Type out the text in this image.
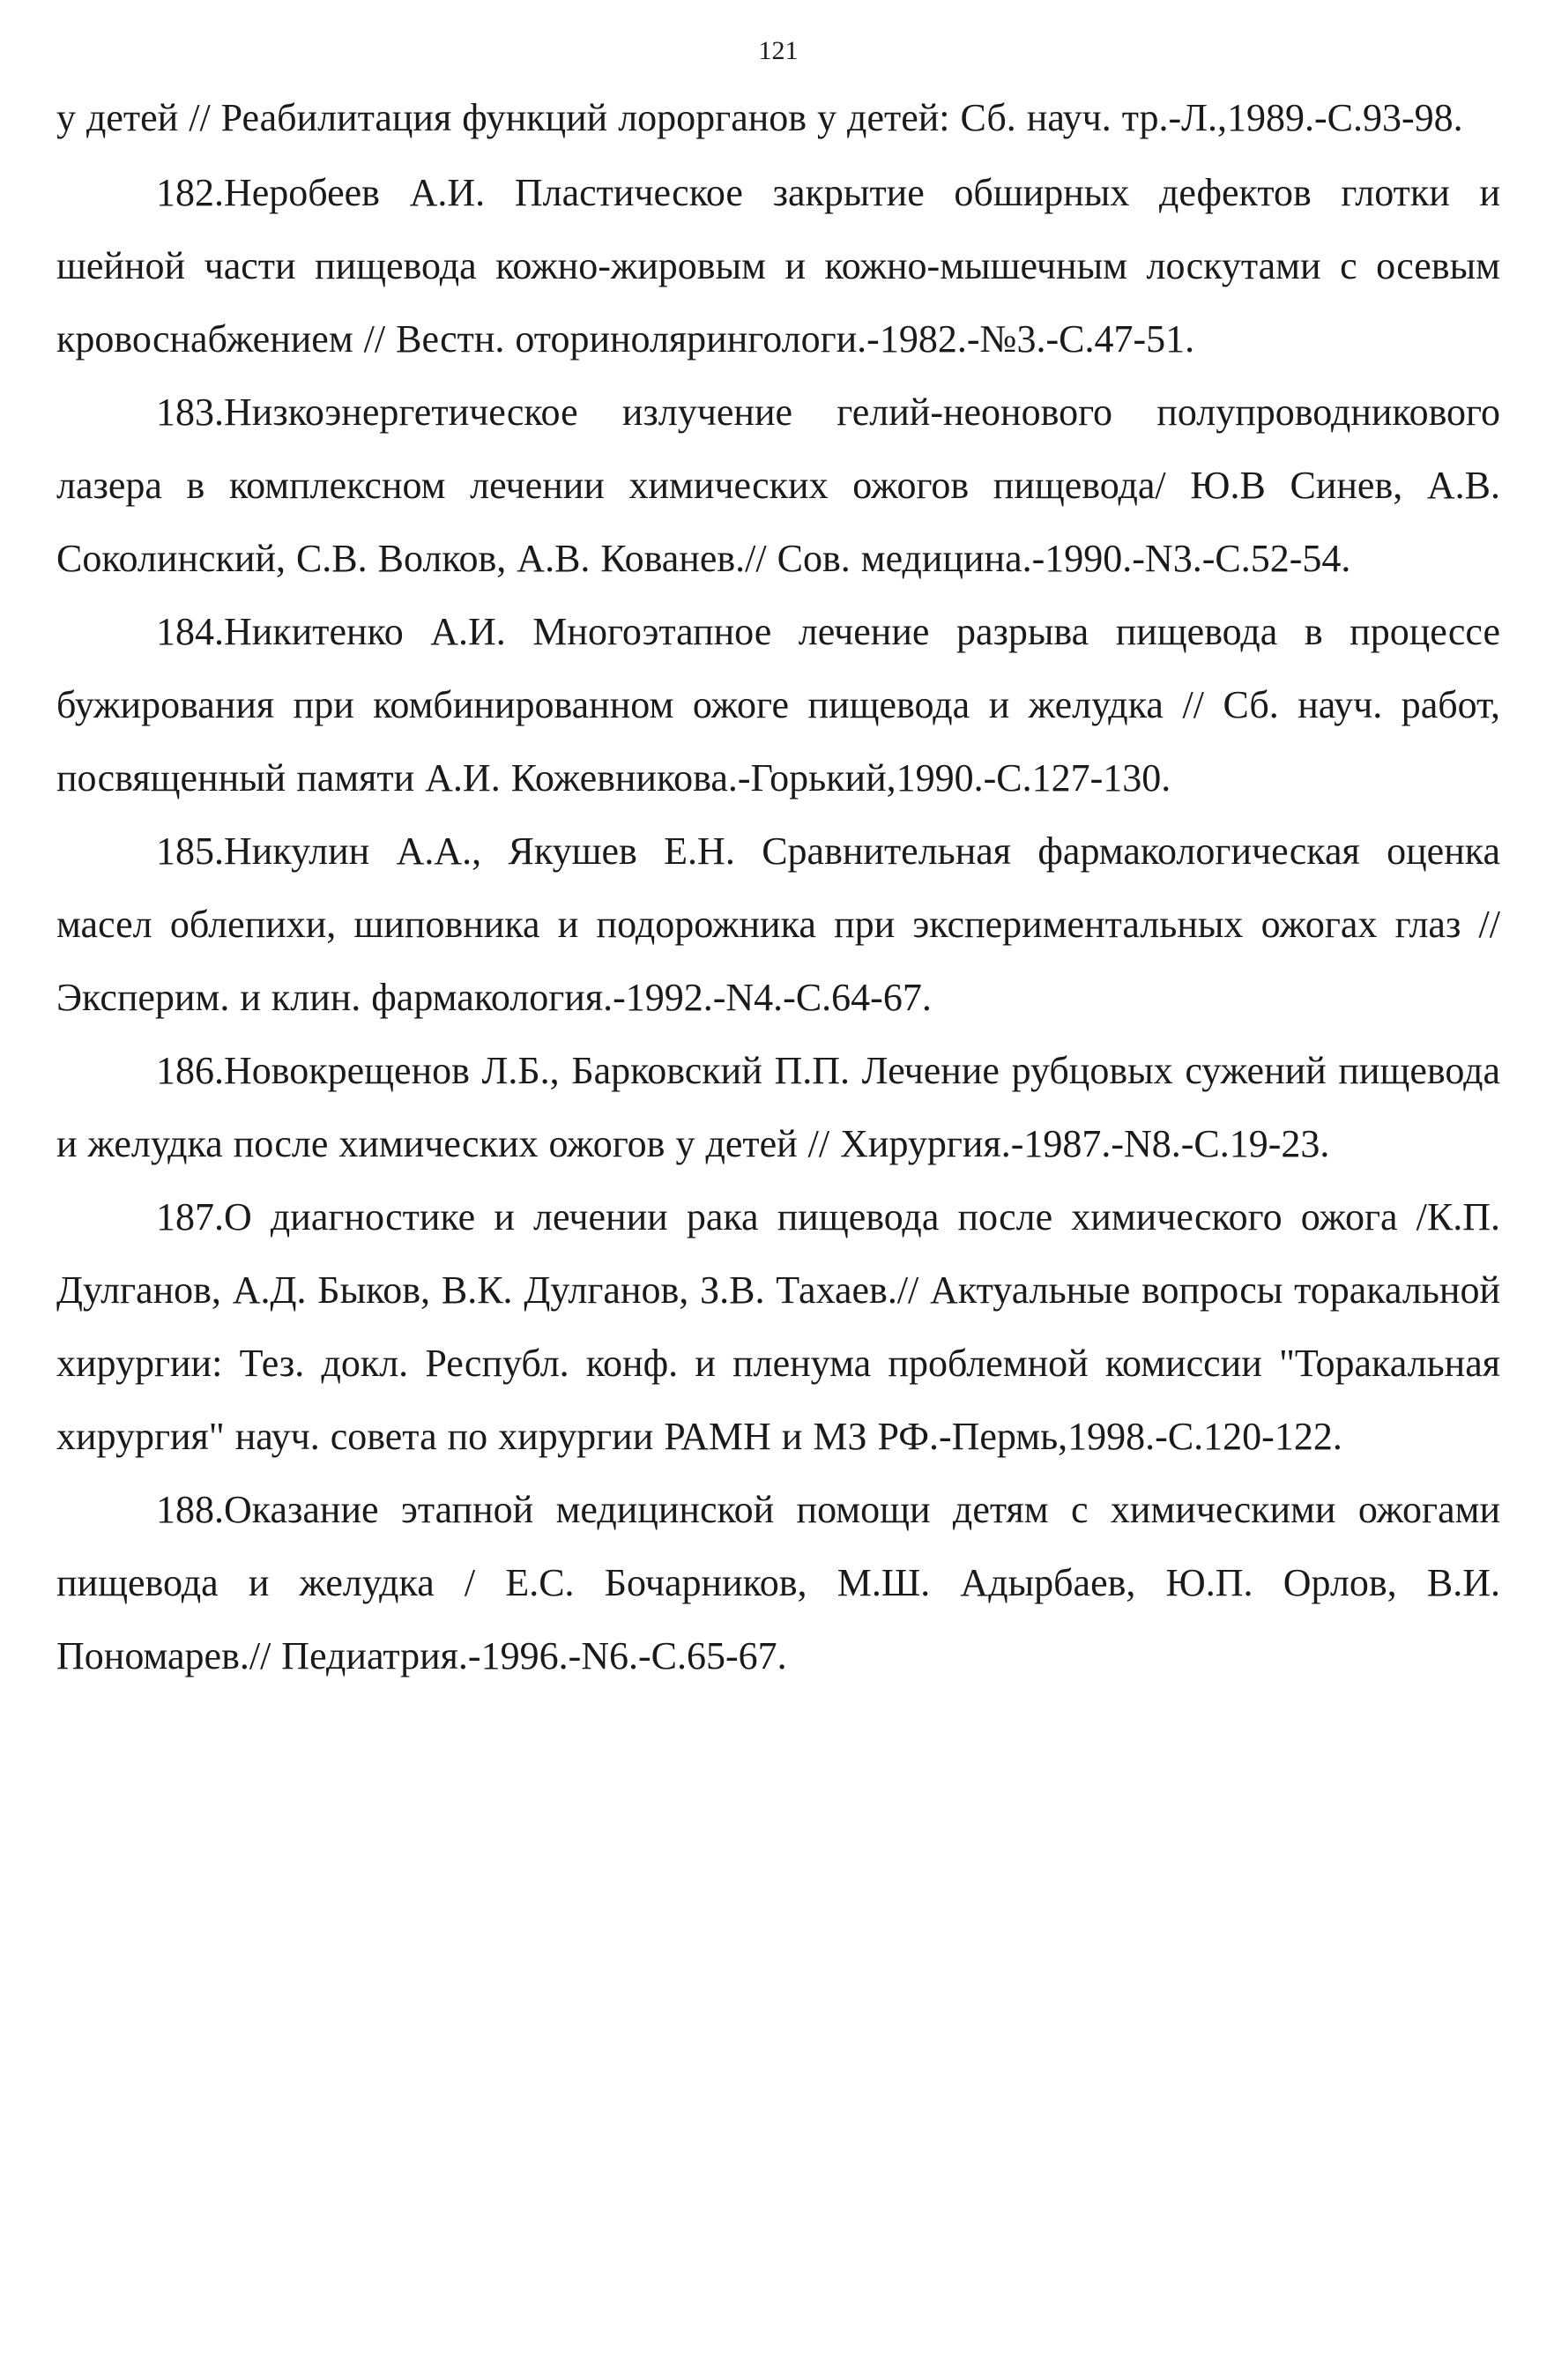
121

у детей // Реабилитация функций лорорганов у детей: Сб. науч. тр.-Л.,1989.-С.93-98.

182.Неробеев А.И. Пластическое закрытие обширных дефектов глотки и шейной части пищевода кожно-жировым и кожно-мышечным лоскутами с осевым кровоснабжением // Вестн. оторинолярингологи.-1982.-№3.-С.47-51.

183.Низкоэнергетическое излучение гелий-неонового полупроводникового лазера в комплексном лечении химических ожогов пищевода/ Ю.В Синев, А.В. Соколинский, С.В. Волков, А.В. Кованев.// Сов. медицина.-1990.-N3.-С.52-54.

184.Никитенко А.И. Многоэтапное лечение разрыва пищевода в процессе бужирования при комбинированном ожоге пищевода и желудка // Сб. науч. работ, посвященный памяти А.И. Кожевникова.-Горький,1990.-С.127-130.

185.Никулин А.А., Якушев Е.Н. Сравнительная фармакологическая оценка масел облепихи, шиповника и подорожника при экспериментальных ожогах глаз // Эксперим. и клин. фармакология.-1992.-N4.-С.64-67.

186.Новокрещенов Л.Б., Барковский П.П. Лечение рубцовых сужений пищевода и желудка после химических ожогов у детей // Хирургия.-1987.-N8.-С.19-23.

187.О диагностике и лечении рака пищевода после химического ожога /К.П. Дулганов, А.Д. Быков, В.К. Дулганов, З.В. Тахаев.// Актуальные вопросы торакальной хирургии: Тез. докл. Республ. конф. и пленума проблемной комиссии "Торакальная хирургия" науч. совета по хирургии РАМН и МЗ РФ.-Пермь,1998.-С.120-122.

188.Оказание этапной медицинской помощи детям с химическими ожогами пищевода и желудка / Е.С. Бочарников, М.Ш. Адырбаев, Ю.П. Орлов, В.И. Пономарев.// Педиатрия.-1996.-N6.-С.65-67.
